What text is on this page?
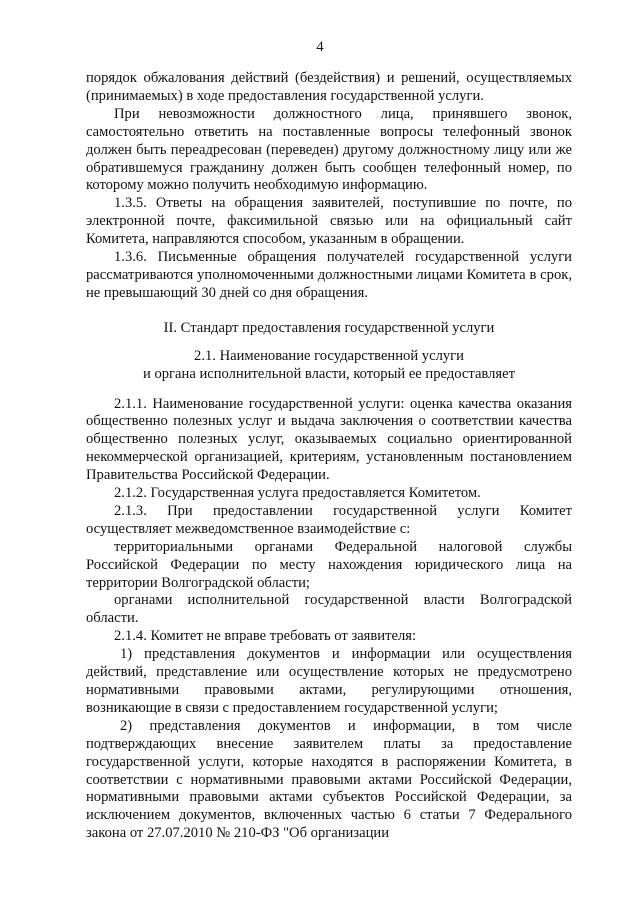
4

порядок обжалования действий (бездействия) и решений, осуществляемых (принимаемых) в ходе предоставления государственной услуги.

При невозможности должностного лица, принявшего звонок, самостоятельно ответить на поставленные вопросы телефонный звонок должен быть переадресован (переведен) другому должностному лицу или же обратившемуся гражданину должен быть сообщен телефонный номер, по которому можно получить необходимую информацию.

1.3.5. Ответы на обращения заявителей, поступившие по почте, по электронной почте, факсимильной связью или на официальный сайт Комитета, направляются способом, указанным в обращении.

1.3.6. Письменные обращения получателей государственной услуги рассматриваются уполномоченными должностными лицами Комитета в срок, не превышающий 30 дней со дня обращения.

II. Стандарт предоставления государственной услуги

2.1. Наименование государственной услуги

и органа исполнительной власти, который ее предоставляет

2.1.1. Наименование государственной услуги: оценка качества оказания общественно полезных услуг и выдача заключения о соответствии качества общественно полезных услуг, оказываемых социально ориентированной некоммерческой организацией, критериям, установленным постановлением Правительства Российской Федерации.

2.1.2. Государственная услуга предоставляется Комитетом.

2.1.3. При предоставлении государственной услуги Комитет осуществляет межведомственное взаимодействие с:

территориальными органами Федеральной налоговой службы Российской Федерации по месту нахождения юридического лица на территории Волгоградской области;

органами исполнительной государственной власти Волгоградской области.

2.1.4. Комитет не вправе требовать от заявителя:

1) представления документов и информации или осуществления действий, представление или осуществление которых не предусмотрено нормативными правовыми актами, регулирующими отношения, возникающие в связи с предоставлением государственной услуги;

2) представления документов и информации, в том числе подтверждающих внесение заявителем платы за предоставление государственной услуги, которые находятся в распоряжении Комитета, в соответствии с нормативными правовыми актами Российской Федерации, нормативными правовыми актами субъектов Российской Федерации, за исключением документов, включенных частью 6 статьи 7 Федерального закона от 27.07.2010 № 210-ФЗ "Об организации
